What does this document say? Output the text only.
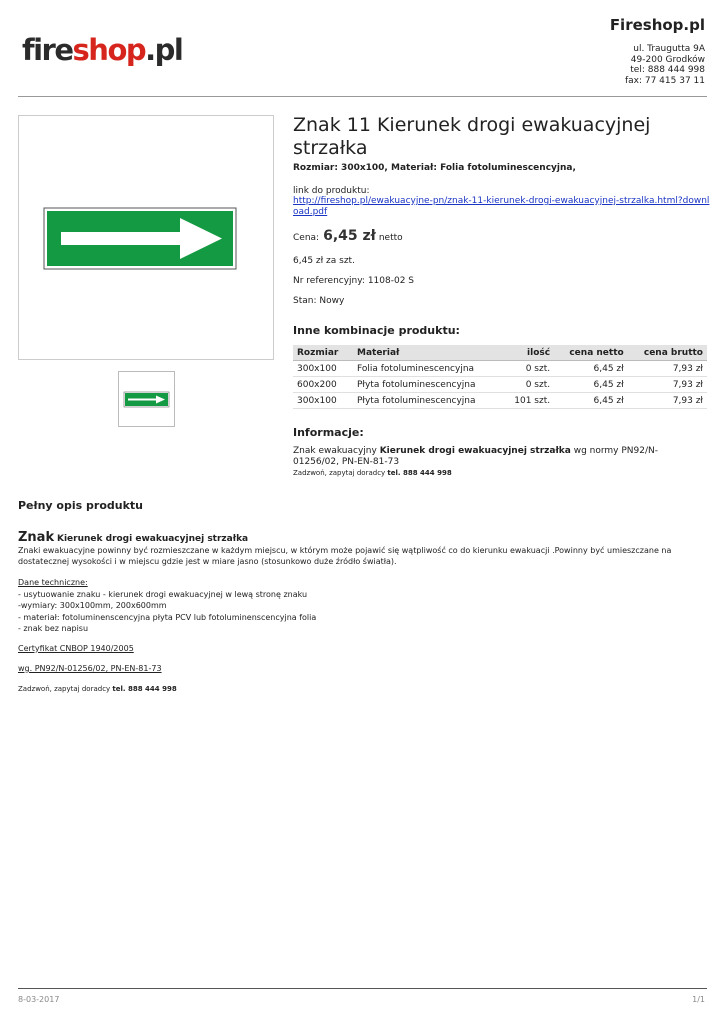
fireshop.pl
Fireshop.pl
ul. Traugutta 9A
49-200 Grodków
tel: 888 444 998
fax: 77 415 37 11
Znak 11 Kierunek drogi ewakuacyjnej strzałka
Rozmiar: 300x100, Materiał: Folia fotoluminescencyjna,
link do produktu:
http://fireshop.pl/ewakuacyjne-pn/znak-11-kierunek-drogi-ewakuacyjnej-strzalka.html?download.pdf
Cena: 6,45 zł netto
6,45 zł za szt.
Nr referencyjny: 1108-02 S
Stan: Nowy
Inne kombinacje produktu:
Rozmiar	Materiał	ilość	cena netto	cena brutto
300x100	Folia fotoluminescencyjna	0 szt.	6,45 zł	7,93 zł
600x200	Płyta fotoluminescencyjna	0 szt.	6,45 zł	7,93 zł
300x100	Płyta fotoluminescencyjna	101 szt.	6,45 zł	7,93 zł
Informacje:
Znak ewakuacyjny Kierunek drogi ewakuacyjnej strzałka wg normy PN92/N-01256/02, PN-EN-81-73
Zadzwoń, zapytaj doradcy tel. 888 444 998
Pełny opis produktu
Znak Kierunek drogi ewakuacyjnej strzałka
Znaki ewakuacyjne powinny być rozmieszczane w każdym miejscu, w którym może pojawić się wątpliwość co do kierunku ewakuacji .Powinny być umieszczane na dostatecznej wysokości i w miejscu gdzie jest w miare jasno (stosunkowo duże źródło światła).
Dane techniczne:
- usytuowanie znaku - kierunek drogi ewakuacyjnej w lewą stronę znaku
-wymiary: 300x100mm, 200x600mm
- materiał: fotoluminenscencyjna płyta PCV lub fotoluminenscencyjna folia
- znak bez napisu
Certyfikat CNBOP 1940/2005
wg. PN92/N-01256/02, PN-EN-81-73
Zadzwoń, zapytaj doradcy tel. 888 444 998
8-03-2017	1/1
